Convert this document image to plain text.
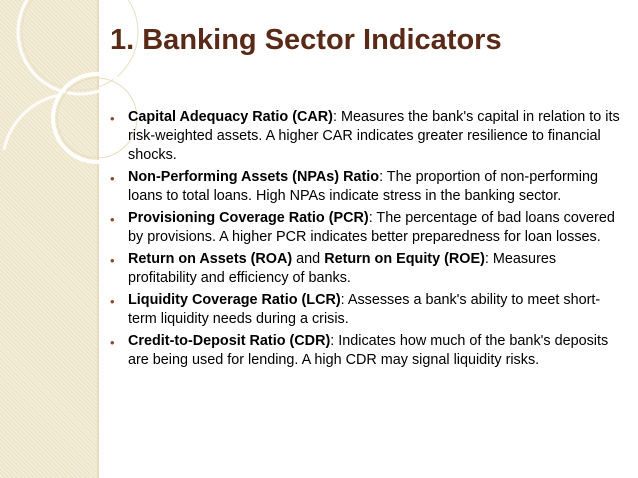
1. Banking Sector Indicators
• Capital Adequacy Ratio (CAR): Measures the bank's capital in relation to its risk-weighted assets. A higher CAR indicates greater resilience to financial shocks.
• Non-Performing Assets (NPAs) Ratio: The proportion of non-performing loans to total loans. High NPAs indicate stress in the banking sector.
• Provisioning Coverage Ratio (PCR): The percentage of bad loans covered by provisions. A higher PCR indicates better preparedness for loan losses.
• Return on Assets (ROA) and Return on Equity (ROE): Measures profitability and efficiency of banks.
• Liquidity Coverage Ratio (LCR): Assesses a bank's ability to meet short-term liquidity needs during a crisis.
• Credit-to-Deposit Ratio (CDR): Indicates how much of the bank's deposits are being used for lending. A high CDR may signal liquidity risks.
